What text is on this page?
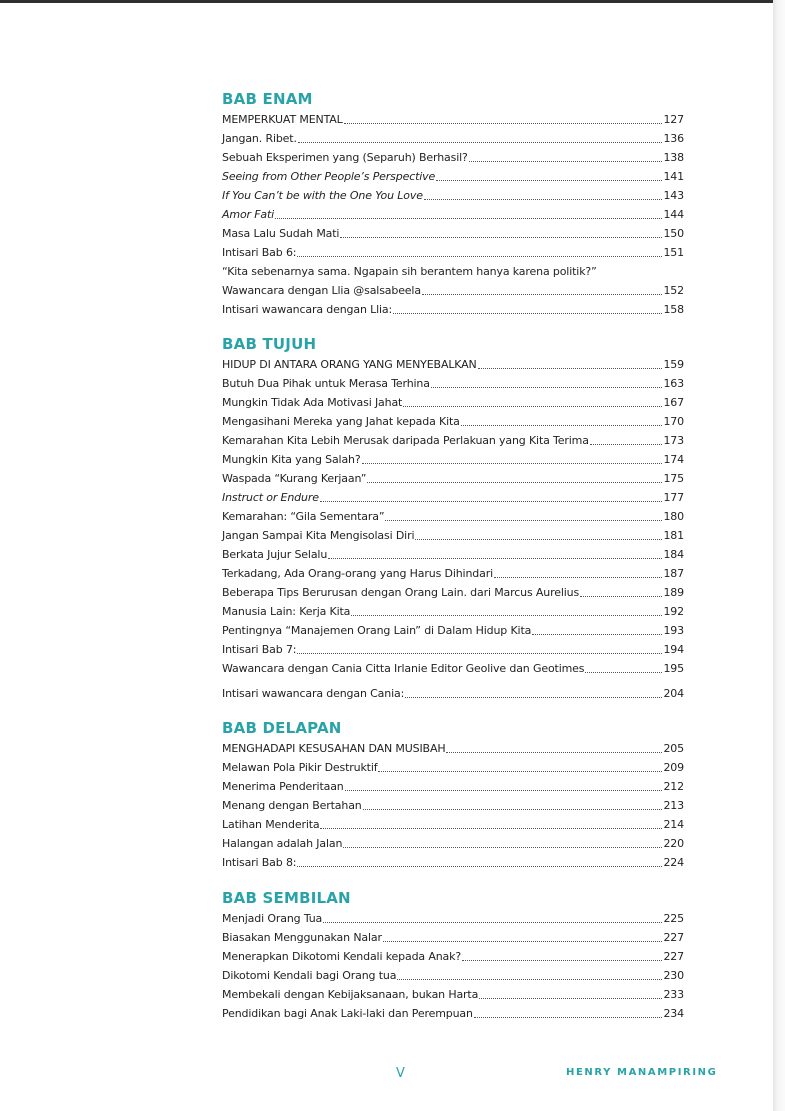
BAB ENAM
MEMPERKUAT MENTAL	127
Jangan. Ribet.	136
Sebuah Eksperimen yang (Separuh) Berhasil?	138
Seeing from Other People’s Perspective	141
If You Can’t be with the One You Love	143
Amor Fati	144
Masa Lalu Sudah Mati	150
Intisari Bab 6:	151
“Kita sebenarnya sama. Ngapain sih berantem hanya karena politik?”
Wawancara dengan Llia @salsabeela	152
Intisari wawancara dengan Llia:	158
BAB TUJUH
HIDUP DI ANTARA ORANG YANG MENYEBALKAN	159
Butuh Dua Pihak untuk Merasa Terhina	163
Mungkin Tidak Ada Motivasi Jahat	167
Mengasihani Mereka yang Jahat kepada Kita	170
Kemarahan Kita Lebih Merusak daripada Perlakuan yang Kita Terima	173
Mungkin Kita yang Salah?	174
Waspada “Kurang Kerjaan”	175
Instruct or Endure	177
Kemarahan: “Gila Sementara”	180
Jangan Sampai Kita Mengisolasi Diri	181
Berkata Jujur Selalu	184
Terkadang, Ada Orang-orang yang Harus Dihindari	187
Beberapa Tips Berurusan dengan Orang Lain. dari Marcus Aurelius	189
Manusia Lain: Kerja Kita	192
Pentingnya “Manajemen Orang Lain” di Dalam Hidup Kita	193
Intisari Bab 7:	194
Wawancara dengan Cania Citta Irlanie Editor Geolive dan Geotimes	195
Intisari wawancara dengan Cania:	204
BAB DELAPAN
MENGHADAPI KESUSAHAN DAN MUSIBAH	205
Melawan Pola Pikir Destruktif	209
Menerima Penderitaan	212
Menang dengan Bertahan	213
Latihan Menderita	214
Halangan adalah Jalan	220
Intisari Bab 8:	224
BAB SEMBILAN
Menjadi Orang Tua	225
Biasakan Menggunakan Nalar	227
Menerapkan Dikotomi Kendali kepada Anak?	227
Dikotomi Kendali bagi Orang tua	230
Membekali dengan Kebijaksanaan, bukan Harta	233
Pendidikan bagi Anak Laki-laki dan Perempuan	234
V	HENRY MANAMPIRING
